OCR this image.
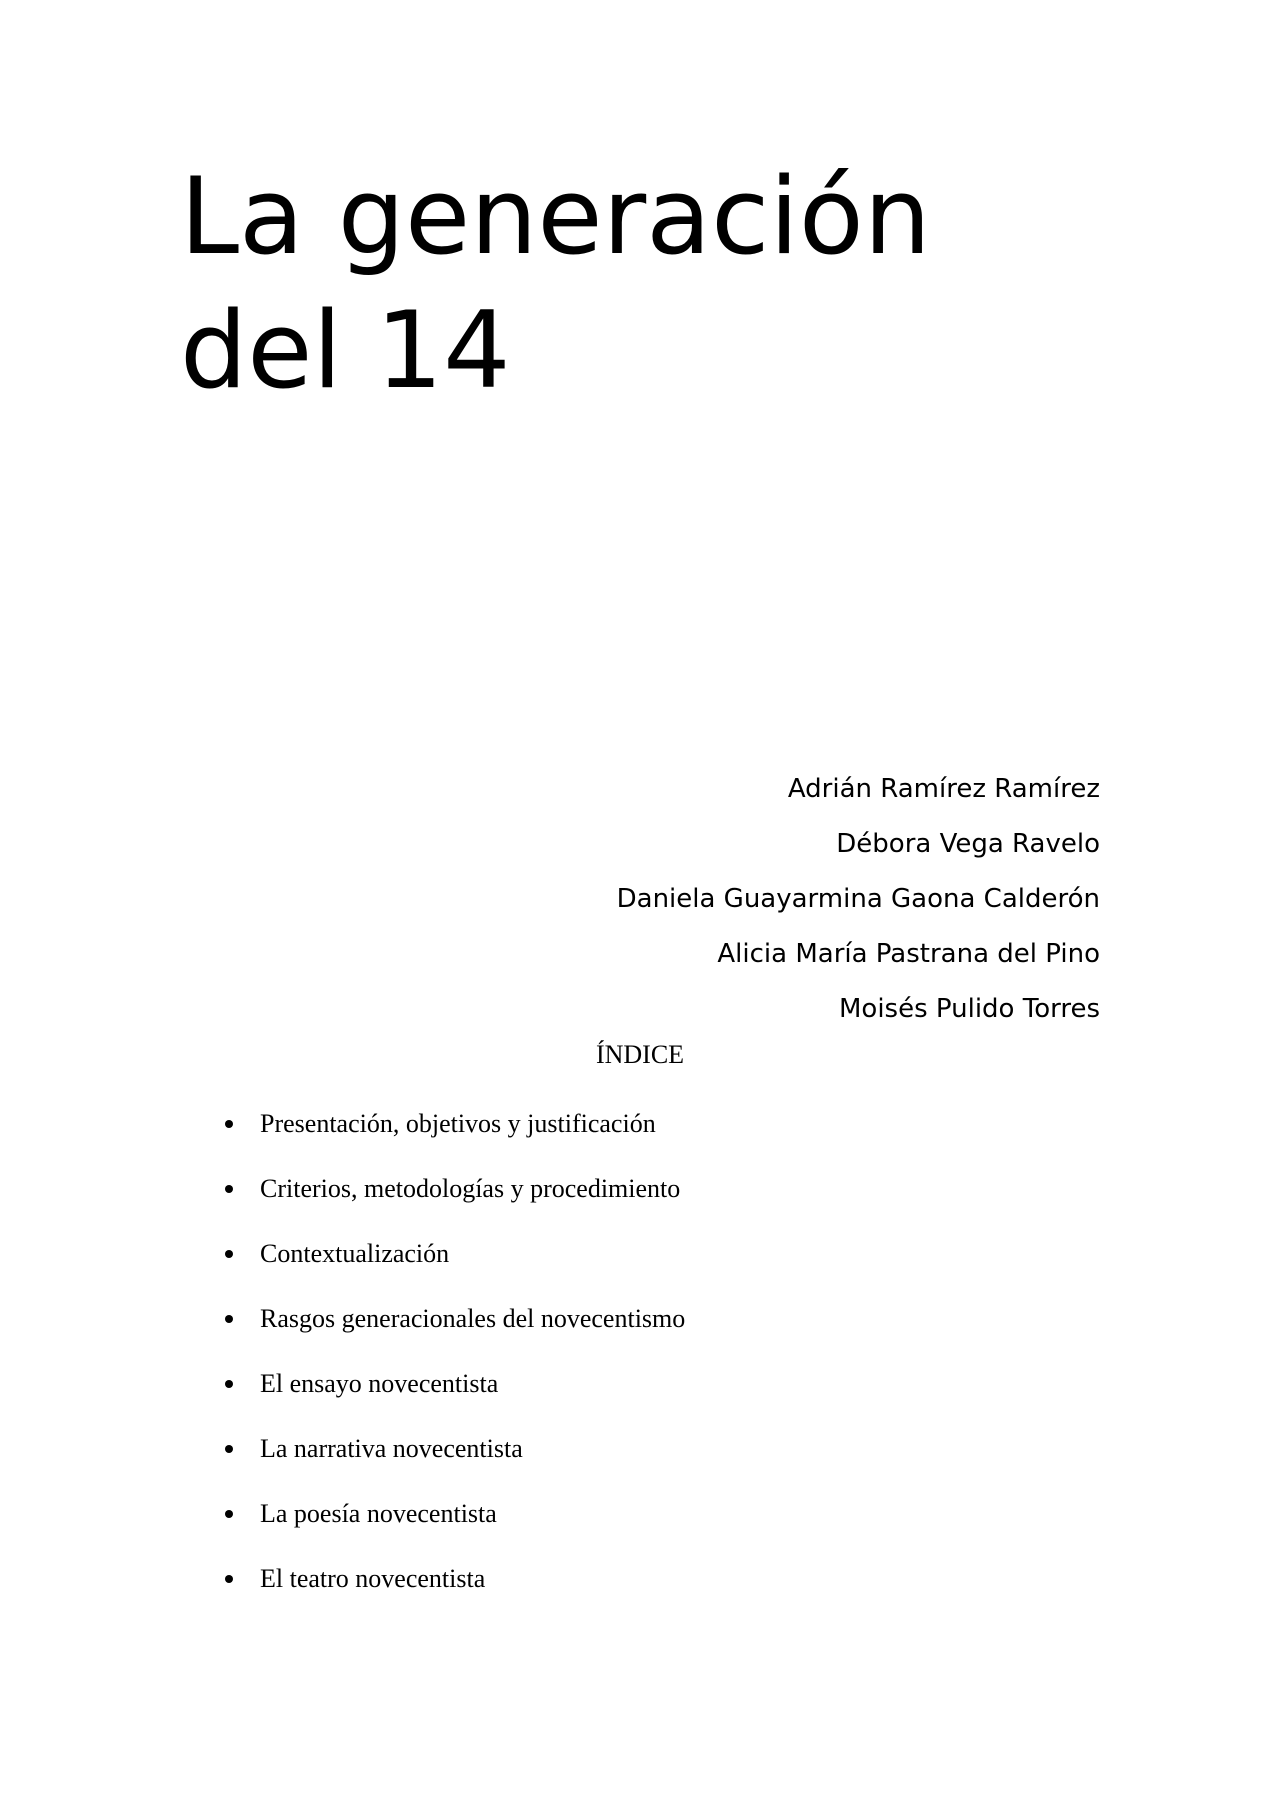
La generación
del 14
Adrián Ramírez Ramírez
Débora Vega Ravelo
Daniela Guayarmina Gaona Calderón
Alicia María Pastrana del Pino
Moisés Pulido Torres
ÍNDICE
Presentación, objetivos y justificación
Criterios, metodologías y procedimiento
Contextualización
Rasgos generacionales del novecentismo
El ensayo novecentista
La narrativa novecentista
La poesía novecentista
El teatro novecentista
